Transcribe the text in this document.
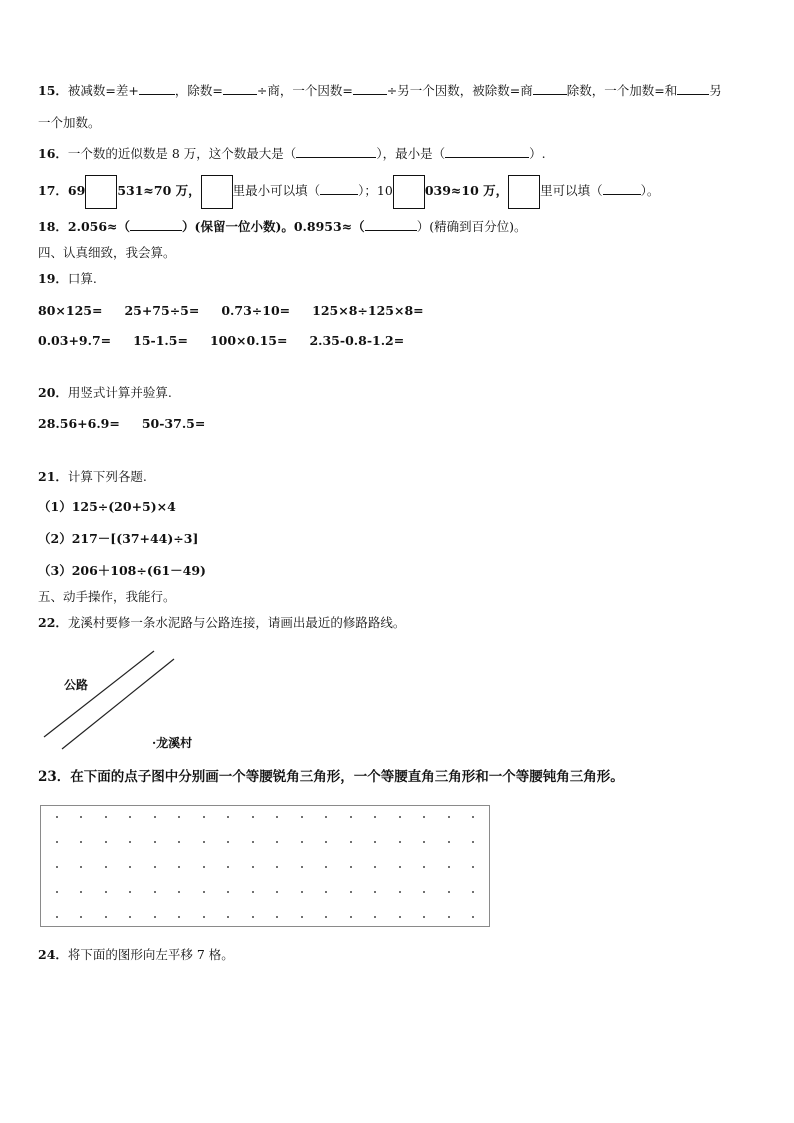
15．被减数=差+	，除数=	÷商，一个因数=	÷另一个因数，被除数=商	除数，一个加数=和	另
一个加数。
16．一个数的近似数是 8 万，这个数最大是（	），最小是（	）.
17．69	531≈70 万，	里最小可以填（	）；10	039≈10 万，	里可以填（	）。
18．2.056≈（	）(保留一位小数)。0.8953≈（	）(精确到百分位)。
四、认真细致，我会算。
19．口算.
80×125= 25+75÷5= 0.73÷10= 125×8÷125×8=
0.03+9.7= 15-1.5= 100×0.15= 2.35-0.8-1.2=
20．用竖式计算并验算.
28.56+6.9= 50-37.5=
21．计算下列各题.
（1）125÷(20+5)×4
（2）217－[(37+44)÷3]
（3）206＋108÷(61－49)
五、动手操作，我能行。
22．龙溪村要修一条水泥路与公路连接，请画出最近的修路路线。
公路
·龙溪村
23．在下面的点子图中分别画一个等腰锐角三角形，一个等腰直角三角形和一个等腰钝角三角形。
24．将下面的图形向左平移 7 格。
